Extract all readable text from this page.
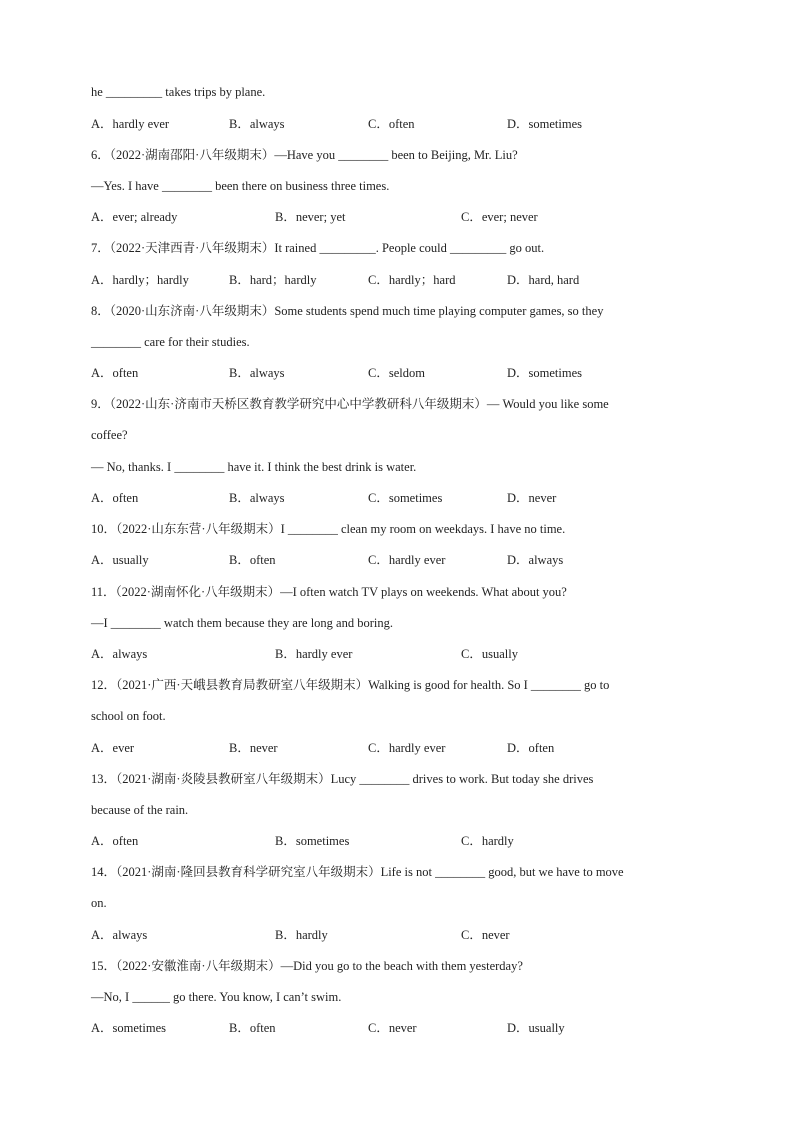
he _________ takes trips by plane.
A．hardly ever	B．always	C．often	D．sometimes
6．（2022·湖南邵阳·八年级期末）—Have you ________ been to Beijing, Mr. Liu?
—Yes. I have ________ been there on business three times.
A．ever; already	B．never; yet	C．ever; never
7．（2022·天津西青·八年级期末）It rained _________. People could _________ go out.
A．hardly；hardly	B．hard；hardly	C．hardly；hard	D．hard, hard
8．（2020·山东济南·八年级期末）Some students spend much time playing computer games, so they
________ care for their studies.
A．often	B．always	C．seldom	D．sometimes
9．（2022·山东·济南市天桥区教育教学研究中心中学教研科八年级期末）— Would you like some
coffee?
— No, thanks. I ________ have it. I think the best drink is water.
A．often	B．always	C．sometimes	D．never
10．（2022·山东东营·八年级期末）I ________ clean my room on weekdays. I have no time.
A．usually	B．often	C．hardly ever	D．always
11．（2022·湖南怀化·八年级期末）—I often watch TV plays on weekends. What about you?
—I ________ watch them because they are long and boring.
A．always	B．hardly ever	C．usually
12．（2021·广西·天峨县教育局教研室八年级期末）Walking is good for health. So I ________ go to
school on foot.
A．ever	B．never	C．hardly ever	D．often
13．（2021·湖南·炎陵县教研室八年级期末）Lucy ________ drives to work. But today she drives
because of the rain.
A．often	B．sometimes	C．hardly
14．（2021·湖南·隆回县教育科学研究室八年级期末）Life is not ________ good, but we have to move
on.
A．always	B．hardly	C．never
15．（2022·安徽淮南·八年级期末）—Did you go to the beach with them yesterday?
—No, I ______ go there. You know, I can’t swim.
A．sometimes	B．often	C．never	D．usually
